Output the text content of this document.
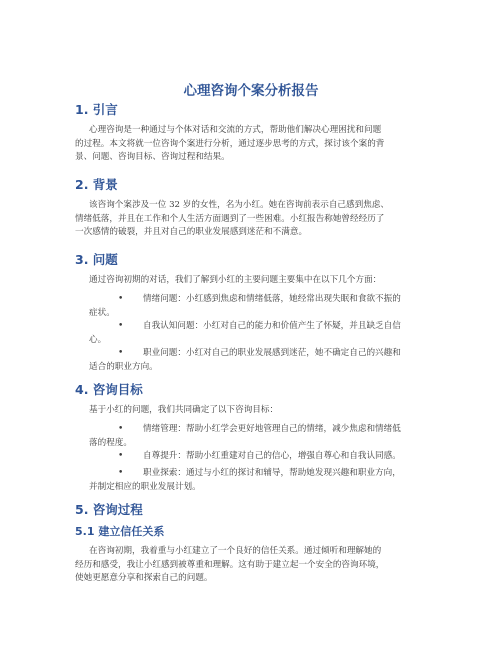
心理咨询个案分析报告
1. 引言
心理咨询是一种通过与个体对话和交流的方式，帮助他们解决心理困扰和问题
的过程。本文将就一位咨询个案进行分析，通过逐步思考的方式，探讨该个案的背
景、问题、咨询目标、咨询过程和结果。
2. 背景
该咨询个案涉及一位 32 岁的女性，名为小红。她在咨询前表示自己感到焦虑、
情绪低落，并且在工作和个人生活方面遇到了一些困难。小红报告称她曾经经历了
一次感情的破裂，并且对自己的职业发展感到迷茫和不满意。
3. 问题
通过咨询初期的对话，我们了解到小红的主要问题主要集中在以下几个方面：
•	情绪问题：小红感到焦虑和情绪低落，她经常出现失眠和食欲不振的
症状。
•	自我认知问题：小红对自己的能力和价值产生了怀疑，并且缺乏自信
心。
•	职业问题：小红对自己的职业发展感到迷茫，她不确定自己的兴趣和
适合的职业方向。
4. 咨询目标
基于小红的问题，我们共同确定了以下咨询目标：
•	情绪管理：帮助小红学会更好地管理自己的情绪，减少焦虑和情绪低
落的程度。
•	自尊提升：帮助小红重建对自己的信心，增强自尊心和自我认同感。
•	职业探索：通过与小红的探讨和辅导，帮助她发现兴趣和职业方向，
并制定相应的职业发展计划。
5. 咨询过程
5.1 建立信任关系
在咨询初期，我着重与小红建立了一个良好的信任关系。通过倾听和理解她的
经历和感受，我让小红感到被尊重和理解。这有助于建立起一个安全的咨询环境，
使她更愿意分享和探索自己的问题。
